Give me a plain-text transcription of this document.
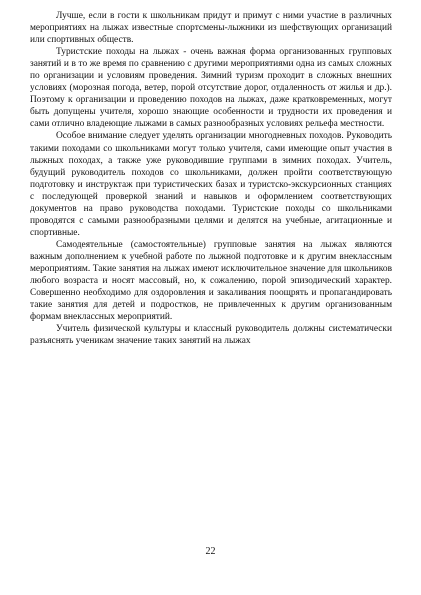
Лучше, если в гости к школьникам придут и примут с ними участие в различных мероприятиях на лыжах известные спортсмены-лыжники из шефствующих организаций или спортивных обществ.

Туристские походы на лыжах - очень важная форма организованных групповых занятий и в то же время по сравнению с другими мероприятиями одна из самых сложных по организации и условиям проведения. Зимний туризм проходит в сложных внешних условиях (морозная погода, ветер, порой отсутствие дорог, отдаленность от жилья и др.). Поэтому к организации и проведению походов на лыжах, даже кратковременных, могут быть допущены учителя, хорошо знающие особенности и трудности их проведения и сами отлично владеющие лыжами в самых разнообразных условиях рельефа местности.

Особое внимание следует уделять организации многодневных походов. Руководить такими походами со школьниками могут только учителя, сами имеющие опыт участия в лыжных походах, а также уже руководившие группами в зимних походах. Учитель, будущий руководитель походов со школьниками, должен пройти соответствующую подготовку и инструктаж при туристических базах и туристско-экскурсионных станциях с последующей проверкой знаний и навыков и оформлением соответствующих документов на право руководства походами. Туристские походы со школьниками проводятся с самыми разнообразными целями и делятся на учебные, агитационные и спортивные.

Самодеятельные (самостоятельные) групповые занятия на лыжах являются важным дополнением к учебной работе по лыжной подготовке и к другим внеклассным мероприятиям. Такие занятия на лыжах имеют исключительное значение для школьников любого возраста и носят массовый, но, к сожалению, порой эпизодический характер. Совершенно необходимо для оздоровления и закаливания поощрять и пропагандировать такие занятия для детей и подростков, не привлеченных к другим организованным формам внеклассных мероприятий.

Учитель физической культуры и классный руководитель должны систематически разъяснять ученикам значение таких занятий на лыжах

22
